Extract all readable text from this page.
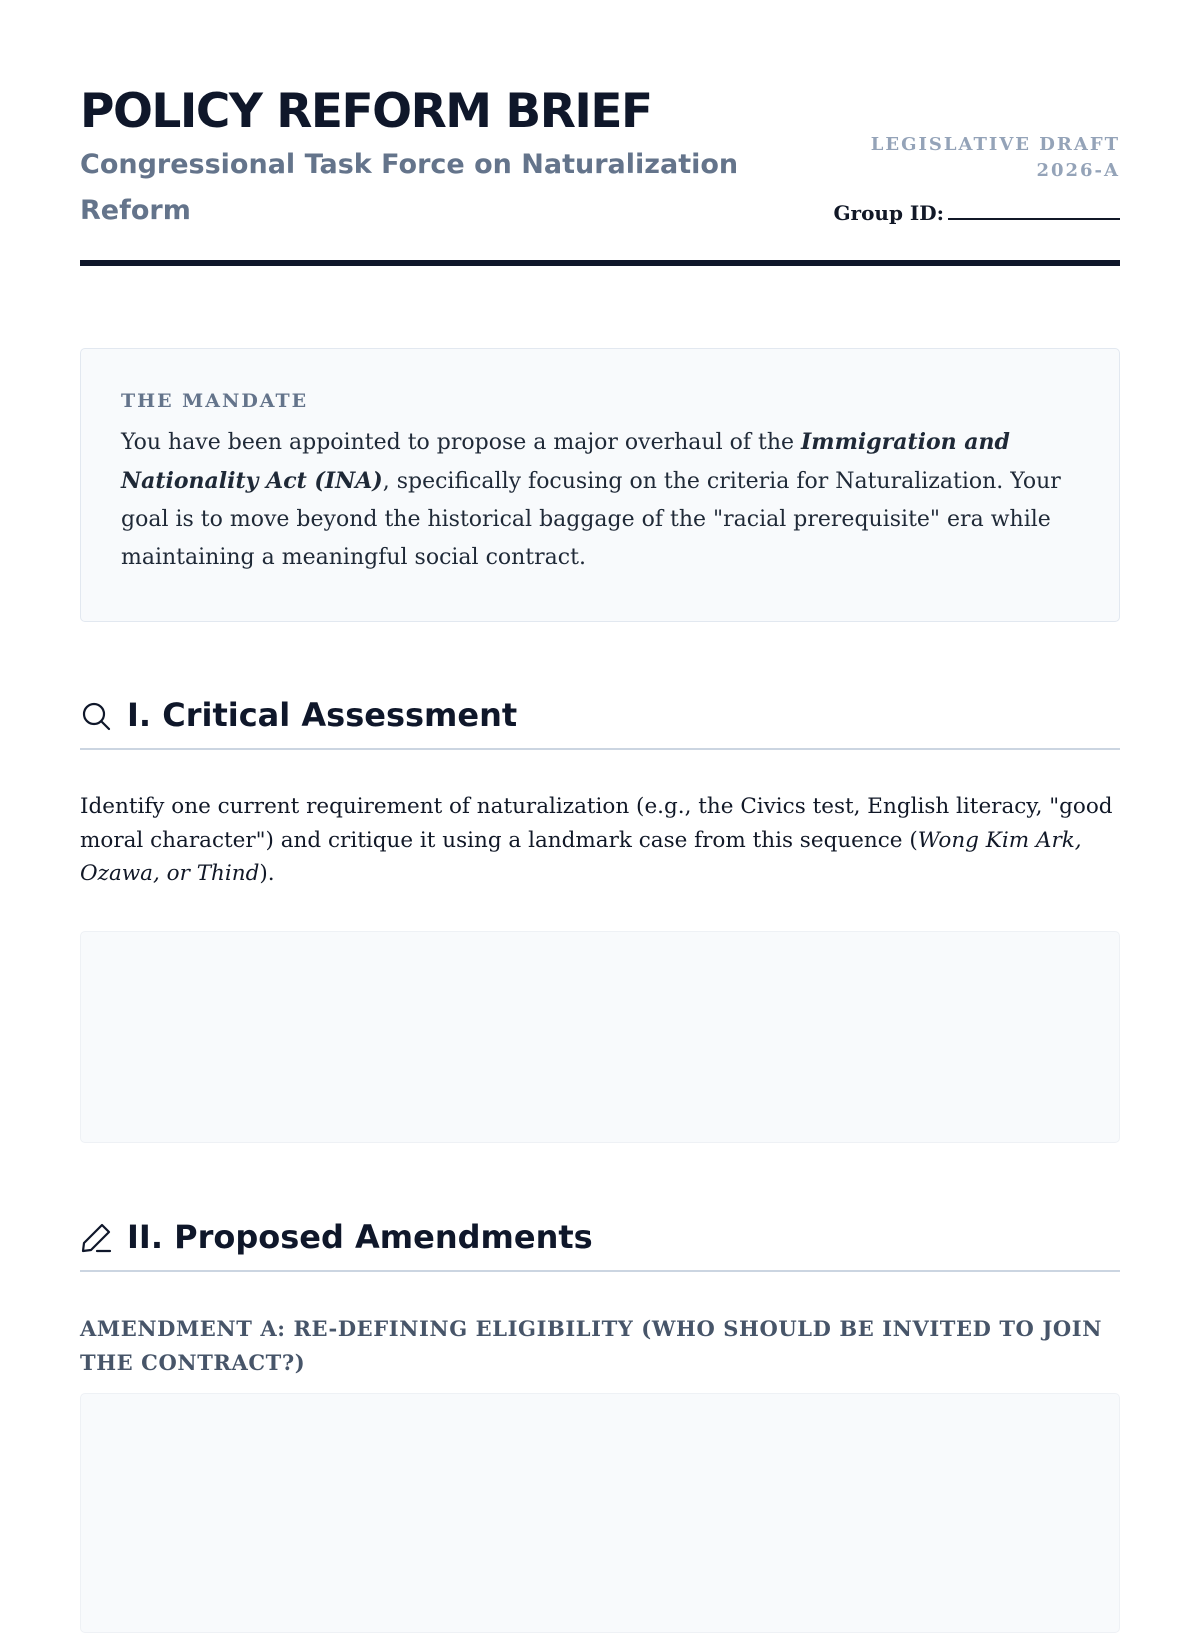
POLICY REFORM BRIEF

Congressional Task Force on Naturalization Reform

LEGISLATIVE DRAFT
2026-A
Group ID:
THE MANDATE

You have been appointed to propose a major overhaul of the Immigration and Nationality Act (INA), specifically focusing on the criteria for Naturalization. Your goal is to move beyond the historical baggage of the "racial prerequisite" era while maintaining a meaningful social contract.

I. Critical Assessment

Identify one current requirement of naturalization (e.g., the Civics test, English literacy, "good moral character") and critique it using a landmark case from this sequence (Wong Kim Ark, Ozawa, or Thind).

II. Proposed Amendments

AMENDMENT A: RE-DEFINING ELIGIBILITY (WHO SHOULD BE INVITED TO JOIN THE CONTRACT?)
